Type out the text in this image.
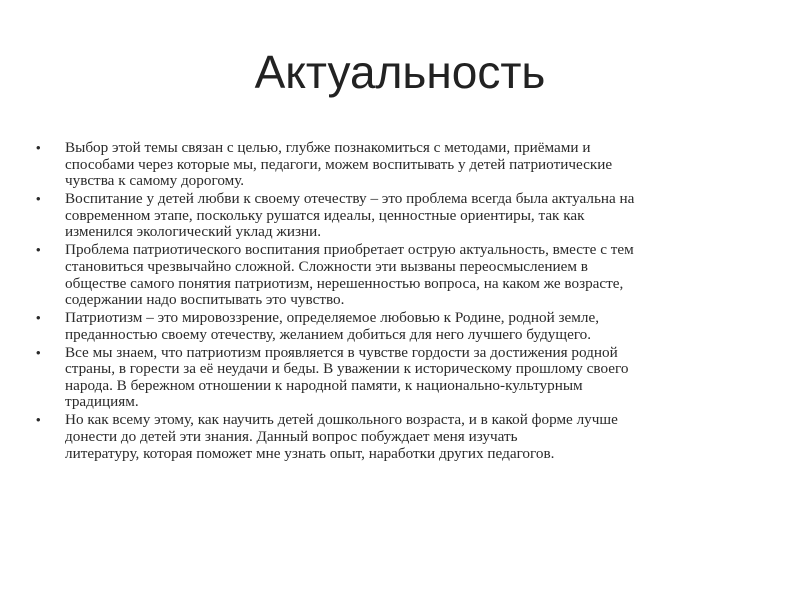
Актуальность
•	Выбор этой темы связан с целью, глубже познакомиться с методами, приёмами и
способами через которые мы, педагоги, можем воспитывать у детей патриотические
чувства к самому дорогому.
•	Воспитание у детей любви к своему отечеству – это проблема всегда была актуальна на
современном этапе, поскольку рушатся идеалы, ценностные ориентиры, так как
изменился экологический уклад жизни.
•	Проблема патриотического воспитания приобретает острую актуальность, вместе с тем
становиться чрезвычайно сложной. Сложности эти вызваны переосмыслением в
обществе самого понятия патриотизм, нерешенностью вопроса, на каком же возрасте,
содержании надо воспитывать это чувство.
•	Патриотизм – это мировоззрение, определяемое любовью к Родине, родной земле,
преданностью своему отечеству, желанием добиться для него лучшего будущего.
•	Все мы знаем, что патриотизм проявляется в чувстве гордости за достижения родной
страны, в горести за её неудачи и беды. В уважении к историческому прошлому своего
народа. В бережном отношении к народной памяти, к национально-культурным
традициям.
•	Но как всему этому, как научить детей дошкольного возраста, и в какой форме лучше
донести до детей эти знания. Данный вопрос побуждает меня изучать
литературу, которая поможет мне узнать опыт, наработки других педагогов.
